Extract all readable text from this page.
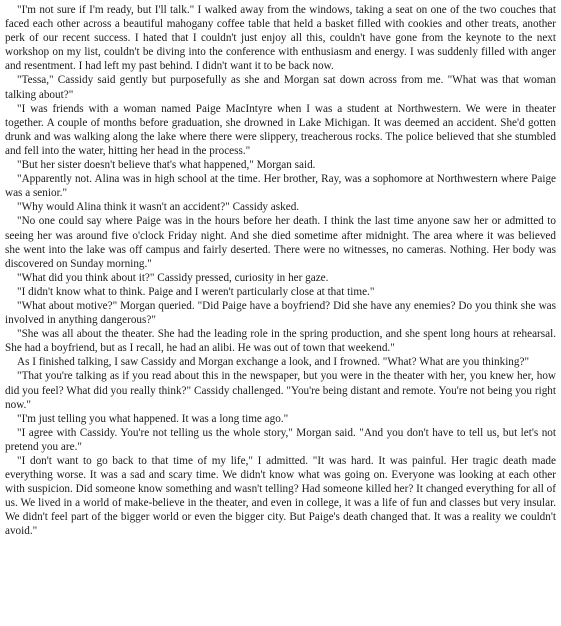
"I'm not sure if I'm ready, but I'll talk." I walked away from the windows, taking a seat on one of the two couches that faced each other across a beautiful mahogany coffee table that held a basket filled with cookies and other treats, another perk of our recent success. I hated that I couldn't just enjoy all this, couldn't have gone from the keynote to the next workshop on my list, couldn't be diving into the conference with enthusiasm and energy. I was suddenly filled with anger and resentment. I had left my past behind. I didn't want it to be back now.

"Tessa," Cassidy said gently but purposefully as she and Morgan sat down across from me. "What was that woman talking about?"

"I was friends with a woman named Paige MacIntyre when I was a student at Northwestern. We were in theater together. A couple of months before graduation, she drowned in Lake Michigan. It was deemed an accident. She'd gotten drunk and was walking along the lake where there were slippery, treacherous rocks. The police believed that she stumbled and fell into the water, hitting her head in the process."

"But her sister doesn't believe that's what happened," Morgan said.

"Apparently not. Alina was in high school at the time. Her brother, Ray, was a sophomore at Northwestern where Paige was a senior."

"Why would Alina think it wasn't an accident?" Cassidy asked.

"No one could say where Paige was in the hours before her death. I think the last time anyone saw her or admitted to seeing her was around five o'clock Friday night. And she died sometime after midnight. The area where it was believed she went into the lake was off campus and fairly deserted. There were no witnesses, no cameras. Nothing. Her body was discovered on Sunday morning."

"What did you think about it?" Cassidy pressed, curiosity in her gaze.

"I didn't know what to think. Paige and I weren't particularly close at that time."

"What about motive?" Morgan queried. "Did Paige have a boyfriend? Did she have any enemies? Do you think she was involved in anything dangerous?"

"She was all about the theater. She had the leading role in the spring production, and she spent long hours at rehearsal. She had a boyfriend, but as I recall, he had an alibi. He was out of town that weekend."

As I finished talking, I saw Cassidy and Morgan exchange a look, and I frowned. "What? What are you thinking?"

"That you're talking as if you read about this in the newspaper, but you were in the theater with her, you knew her, how did you feel? What did you really think?" Cassidy challenged. "You're being distant and remote. You're not being you right now."

"I'm just telling you what happened. It was a long time ago."

"I agree with Cassidy. You're not telling us the whole story," Morgan said. "And you don't have to tell us, but let's not pretend you are."

"I don't want to go back to that time of my life," I admitted. "It was hard. It was painful. Her tragic death made everything worse. It was a sad and scary time. We didn't know what was going on. Everyone was looking at each other with suspicion. Did someone know something and wasn't telling? Had someone killed her? It changed everything for all of us. We lived in a world of make-believe in the theater, and even in college, it was a life of fun and classes but very insular. We didn't feel part of the bigger world or even the bigger city. But Paige's death changed that. It was a reality we couldn't avoid."
